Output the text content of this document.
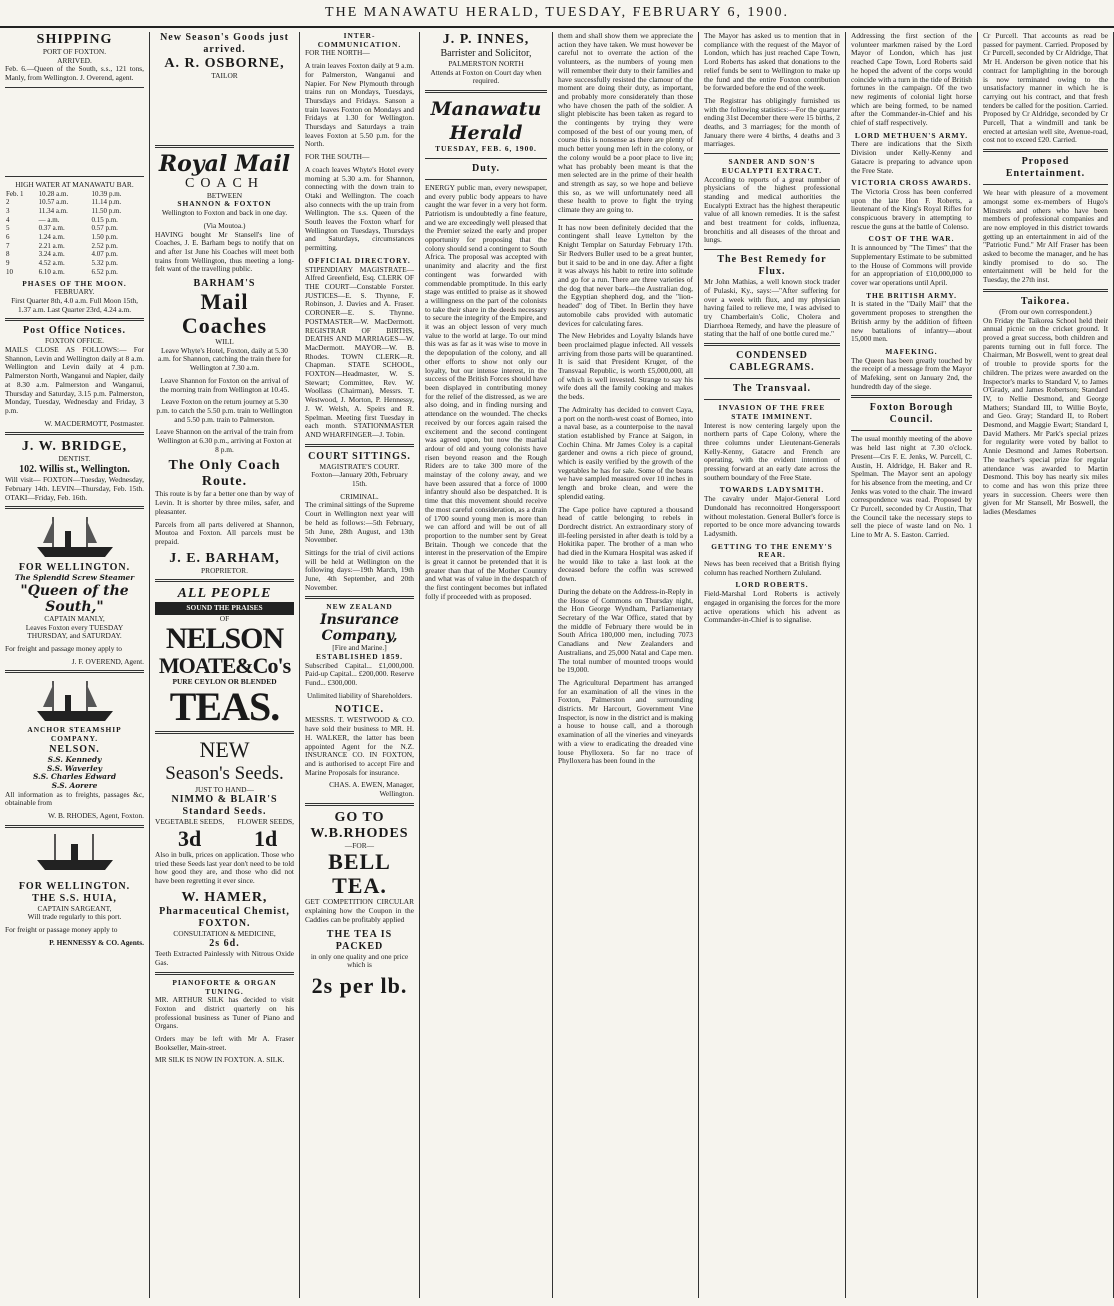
THE MANAWATU HERALD, TUESDAY, FEBRUARY 6, 1900.
SHIPPING
PORT OF FOXTON.
ARRIVED.
Feb. 6.—Queen of the South, s.s., 121 tons, Manly, from Wellington. J. Overend, agent.
HIGH WATER AT MANAWATU BAR.
Feb. 1	10.28 a.m.	10.39 p.m.
2	10.57 a.m.	11.14 p.m.
3	11.34 a.m.	11.50 p.m.
4	— a.m.	0.15 p.m.
5	0.37 a.m.	0.57 p.m.
6	1.24 a.m.	1.50 p.m.
7	2.21 a.m.	2.52 p.m.
8	3.24 a.m.	4.07 p.m.
9	4.52 a.m.	5.32 p.m.
10	6.10 a.m.	6.52 p.m.
PHASES OF THE MOON.
FEBRUARY.
First Quarter 8th, 4.0 a.m. Full Moon 15th, 1.37 a.m. Last Quarter 23rd, 4.24 a.m.
Post Office Notices.
FOXTON OFFICE.
MAILS CLOSE AS FOLLOWS:— For Shannon, Levin and Wellington daily at 8 a.m. Wellington and Levin daily at 4 p.m. Palmerston North, Wanganui and Napier, daily at 8.30 a.m. Palmerston and Wanganui, Thursday and Saturday, 3.15 p.m. Palmerston, Monday, Tuesday, Wednesday and Friday, 3 p.m.
W. MACDERMOTT, Postmaster.
J. W. BRIDGE,
DENTIST.
102. Willis st., Wellington.
Will visit— FOXTON—Tuesday, Wednesday, February 14th. LEVIN—Thursday, Feb. 15th. OTAKI—Friday, Feb. 16th.
FOR WELLINGTON.
The Splendid Screw Steamer
"Queen of the South,"
CAPTAIN MANLY,
Leaves Foxton every TUESDAY THURSDAY, and SATURDAY.
For freight and passage money apply to
J. F. OVEREND, Agent.
ANCHOR STEAMSHIP COMPANY.
NELSON.
S.S. Kennedy
S.S. Waverley
S.S. Charles Edward
S.S. Aorere
All information as to freights, passages &c, obtainable from
W. B. RHODES, Agent, Foxton.
FOR WELLINGTON.
THE S.S. HUIA,
CAPTAIN SARGEANT,
Will trade regularly to this port.
For freight or passage money apply to
P. HENNESSY & CO. Agents.
New Season's Goods just arrived.
A. R. OSBORNE,
TAILOR
Royal Mail
COACH
BETWEEN
SHANNON & FOXTON
Wellington to Foxton and back in one day.
(Via Moutoa.)
HAVING bought Mr Stansell's line of Coaches, J. E. Barham begs to notify that on and after 1st June his Coaches will meet both trains from Wellington, thus meeting a long-felt want of the travelling public.
BARHAM'S
Mail Coaches
WILL
Leave Whyte's Hotel, Foxton, daily at 5.30 a.m. for Shannon, catching the train there for Wellington at 7.30 a.m.
Leave Shannon for Foxton on the arrival of the morning train from Wellington at 10.45.
Leave Foxton on the return journey at 5.30 p.m. to catch the 5.50 p.m. train to Wellington and 5.50 p.m. train to Palmerston.
Leave Shannon on the arrival of the train from Wellington at 6.30 p.m., arriving at Foxton at 8 p.m.
The Only Coach Route.
This route is by far a better one than by way of Levin. It is shorter by three miles, safer, and pleasanter.
Parcels from all parts delivered at Shannon, Moutoa and Foxton. All parcels must be prepaid.
J. E. BARHAM,
PROPRIETOR.
ALL PEOPLE
SOUND THE PRAISES
OF
NELSON
MOATE&Co's
PURE CEYLON OR BLENDED
TEAS.
NEW
Season's Seeds.
JUST TO HAND—
NIMMO & BLAIR'S
Standard Seeds.
VEGETABLE SEEDS,
3d
FLOWER SEEDS,
1d
Also in bulk, prices on application. Those who tried these Seeds last year don't need to be told how good they are, and those who did not have been regretting it ever since.
W. HAMER,
Pharmaceutical Chemist,
FOXTON.
CONSULTATION & MEDICINE,
2s 6d.
Teeth Extracted Painlessly with Nitrous Oxide Gas.
PIANOFORTE & ORGAN TUNING.
MR. ARTHUR SILK has decided to visit Foxton and district quarterly on his professional business as Tuner of Piano and Organs.
Orders may be left with Mr A. Fraser Bookseller, Main-street.
MR SILK IS NOW IN FOXTON. A. SILK.
INTER-COMMUNICATION.
FOR THE NORTH—
A train leaves Foxton daily at 9 a.m. for Palmerston, Wanganui and Napier. For New Plymouth through trains run on Mondays, Tuesdays, Thursdays and Fridays. Sanson a train leaves Foxton on Mondays and Fridays at 1.30 for Wellington. Thursdays and Saturdays a train leaves Foxton at 5.50 p.m. for the North.
FOR THE SOUTH—
A coach leaves Whyte's Hotel every morning at 5.30 a.m. for Shannon, connecting with the down train to Otaki and Wellington. The coach also connects with the up train from Wellington. The s.s. Queen of the South leaves the Foxton wharf for Wellington on Tuesdays, Thursdays and Saturdays, circumstances permitting.
OFFICIAL DIRECTORY.
STIPENDIARY MAGISTRATE—Alfred Greenfield, Esq. CLERK OF THE COURT—Constable Forster. JUSTICES—E. S. Thynne, F. Robinson, J. Davies and A. Fraser. CORONER—E. S. Thynne. POSTMASTER—W. MacDermott. REGISTRAR OF BIRTHS, DEATHS AND MARRIAGES—W. MacDermott. MAYOR—W. B. Rhodes. TOWN CLERK—R. Chapman. STATE SCHOOL, FOXTON—Headmaster, W. S. Stewart; Committee, Rev. W. Woollass (Chairman), Messrs. T. Westwood, J. Morton, P. Hennessy, J. W. Welsh, A. Speirs and R. Spelman. Meeting first Tuesday in each month. STATIONMASTER AND WHARFINGER—J. Tobin.
COURT SITTINGS.
MAGISTRATE'S COURT.
Foxton—January 20th, February 15th.
CRIMINAL.
The criminal sittings of the Supreme Court in Wellington next year will be held as follows:—5th February, 5th June, 28th August, and 13th November.
Sittings for the trial of civil actions will be held at Wellington on the following days:—19th March, 19th June, 4th September, and 20th November.
NEW ZEALAND
Insurance Company,
[Fire and Marine.]
ESTABLISHED 1859.
Subscribed Capital... £1,000,000. Paid-up Capital... £200,000. Reserve Fund... £300,000.
Unlimited liability of Shareholders.
NOTICE.
MESSRS. T. WESTWOOD & CO. have sold their business to MR. H. H. WALKER, the latter has been appointed Agent for the N.Z. INSURANCE CO. IN FOXTON, and is authorised to accept Fire and Marine Proposals for insurance.
CHAS. A. EWEN, Manager, Wellington.
GO TO
W.B.RHODES
—FOR—
BELL TEA.
GET COMPETITION CIRCULAR explaining how the Coupon in the Caddies can be profitably applied
THE TEA IS PACKED
in only one quality and one price which is
2s per lb.
J. P. INNES,
Barrister and Solicitor,
PALMERSTON NORTH
Attends at Foxton on Court day when required.
Manawatu Herald
TUESDAY, FEB. 6, 1900.
Duty.
ENERGY public man, every newspaper, and every public body appears to have caught the war fever in a very hot form. Patriotism is undoubtedly a fine feature, and we are exceedingly well pleased that the Premier seized the early and proper opportunity for proposing that the colony should send a contingent to South Africa. The proposal was accepted with unanimity and alacrity and the first contingent was forwarded with commendable promptitude. In this early stage was entitled to praise as it showed a willingness on the part of the colonists to take their share in the deeds necessary to secure the integrity of the Empire, and it was an object lesson of very much value to the world at large. To our mind this was as far as it was wise to move in the depopulation of the colony, and all other efforts to show not only our loyalty, but our intense interest, in the success of the British Forces should have been displayed in contributing money for the relief of the distressed, as we are also doing, and in finding nursing and attendance on the wounded. The checks received by our forces again raised the excitement and the second contingent was agreed upon, but now the martial ardour of old and young colonists have risen beyond reason and the Rough Riders are to take 300 more of the mainstay of the colony away, and we have been assured that a force of 1000 infantry should also be despatched. It is time that this movement should receive the most careful consideration, as a drain of 1700 sound young men is more than we can afford and will be out of all proportion to the number sent by Great Britain. Though we concede that the interest in the preservation of the Empire is great it cannot be pretended that it is greater than that of the Mother Country and what was of value in the despatch of the first contingent becomes but inflated folly if proceeded with as proposed.
them and shall show them we appreciate the action they have taken. We must however be careful not to overrate the action of the volunteers, as the numbers of young men will remember their duty to their families and have successfully resisted the clamour of the moment are doing their duty, as important, and probably more considerately than those who have chosen the path of the soldier. A slight plebiscite has been taken as regard to the contingents by trying they were composed of the best of our young men, of course this is nonsense as there are plenty of much better young men left in the colony, or the colony would be a poor place to live in; what has probably been meant is that the men selected are in the prime of their health and strength as say, so we hope and believe this so, as we will unfortunately need all these health to prove to fight the trying climate they are going to.
It has now been definitely decided that the contingent shall leave Lyttelton by the Knight Templar on Saturday February 17th. Sir Redvers Buller used to be a great hunter, but it said to be and in one day. After a fight it was always his habit to retire into solitude and go for a run. There are three varieties of the dog that never bark—the Australian dog, the Egyptian shepherd dog, and the "lion-headed" dog of Tibet. In Berlin they have automobile cabs provided with automatic devices for calculating fares.
The New Hebrides and Loyalty Islands have been proclaimed plague infected. All vessels arriving from those parts will be quarantined. It is said that President Kruger, of the Transvaal Republic, is worth £5,000,000, all of which is well invested. Strange to say his wife does all the family cooking and makes the beds.
The Admiralty has decided to convert Caya, a port on the north-west coast of Borneo, into a naval base, as a counterpoise to the naval station established by France at Saigon, in Cochin China. Mr James Coley is a capital gardener and owns a rich piece of ground, which is easily verified by the growth of the vegetables he has for sale. Some of the beans we have sampled measured over 10 inches in length and broke clean, and were the splendid eating.
The Cape police have captured a thousand head of cattle belonging to rebels in Dordrecht district. An extraordinary story of ill-feeling persisted in after death is told by a Hokitika paper. The brother of a man who had died in the Kumara Hospital was asked if he would like to take a last look at the deceased before the coffin was screwed down.
During the debate on the Address-in-Reply in the House of Commons on Thursday night, the Hon George Wyndham, Parliamentary Secretary of the War Office, stated that by the middle of February there would be in South Africa 180,000 men, including 7073 Canadians and New Zealanders and Australians, and 25,000 Natal and Cape men. The total number of mounted troops would be 19,000.
The Agricultural Department has arranged for an examination of all the vines in the Foxton, Palmerston and surrounding districts. Mr Harcourt, Government Vine Inspector, is now in the district and is making a house to house call, and a thorough examination of all the vineries and vineyards with a view to eradicating the dreaded vine louse Phylloxera. So far no trace of Phylloxera has been found in the
The Mayor has asked us to mention that in compliance with the request of the Mayor of London, which has just reached Cape Town, Lord Roberts has asked that donations to the relief funds be sent to Wellington to make up the fund and the entire Foxton contribution be forwarded before the end of the week.
The Registrar has obligingly furnished us with the following statistics:—For the quarter ending 31st December there were 15 births, 2 deaths, and 3 marriages; for the month of January there were 4 births, 4 deaths and 3 marriages.
SANDER AND SON'S EUCALYPTI EXTRACT.
According to reports of a great number of physicians of the highest professional standing and medical authorities the Eucalypti Extract has the highest therapeutic value of all known remedies. It is the safest and best treatment for colds, influenza, bronchitis and all diseases of the throat and lungs.
The Best Remedy for Flux.
Mr John Mathias, a well known stock trader of Pulaski, Ky., says:—"After suffering for over a week with flux, and my physician having failed to relieve me, I was advised to try Chamberlain's Colic, Cholera and Diarrhoea Remedy, and have the pleasure of stating that the half of one bottle cured me."
CONDENSED CABLEGRAMS.
The Transvaal.
INVASION OF THE FREE STATE IMMINENT.
Interest is now centering largely upon the northern parts of Cape Colony, where the three columns under Lieutenant-Generals Kelly-Kenny, Gatacre and French are operating, with the evident intention of pressing forward at an early date across the southern boundary of the Free State.
TOWARDS LADYSMITH.
The cavalry under Major-General Lord Dundonald has reconnoitred Hongersspoort without molestation. General Buller's force is reported to be once more advancing towards Ladysmith.
GETTING TO THE ENEMY'S REAR.
News has been received that a British flying column has reached Northern Zululand.
LORD ROBERTS.
Field-Marshal Lord Roberts is actively engaged in organising the forces for the more active operations which his advent as Commander-in-Chief is to signalise.
Addressing the first section of the volunteer markmen raised by the Lord Mayor of London, which has just reached Cape Town, Lord Roberts said he hoped the advent of the corps would coincide with a turn in the tide of British fortunes in the campaign. Of the two new regiments of colonial light horse which are being formed, to be named after the Commander-in-Chief and his chief of staff respectively.
LORD METHUEN'S ARMY.
There are indications that the Sixth Division under Kelly-Kenny and Gatacre is preparing to advance upon the Free State.
VICTORIA CROSS AWARDS.
The Victoria Cross has been conferred upon the late Hon F. Roberts, a lieutenant of the King's Royal Rifles for conspicuous bravery in attempting to rescue the guns at the battle of Colenso.
COST OF THE WAR.
It is announced by "The Times" that the Supplementary Estimate to be submitted to the House of Commons will provide for an appropriation of £10,000,000 to cover war operations until April.
THE BRITISH ARMY.
It is stated in the "Daily Mail" that the government proposes to strengthen the British army by the addition of fifteen new battalions of infantry—about 15,000 men.
MAFEKING.
The Queen has been greatly touched by the receipt of a message from the Mayor of Mafeking, sent on January 2nd, the hundredth day of the siege.
Foxton Borough Council.
The usual monthly meeting of the above was held last night at 7.30 o'clock. Present—Crs F. E. Jenks, W. Purcell, C. Austin, H. Aldridge, H. Baker and R. Spelman. The Mayor sent an apology for his absence from the meeting, and Cr Jenks was voted to the chair. The inward correspondence was read. Proposed by Cr Purcell, seconded by Cr Austin, That the Council take the necessary steps to sell the piece of waste land on No. 1 Line to Mr A. S. Easton. Carried.
Cr Purcell. That accounts as read be passed for payment. Carried. Proposed by Cr Purcell, seconded by Cr Aldridge, That Mr H. Anderson be given notice that his contract for lamplighting in the borough is now terminated owing to the unsatisfactory manner in which he is carrying out his contract, and that fresh tenders be called for the position. Carried. Proposed by Cr Aldridge, seconded by Cr Purcell, That a windmill and tank be erected at artesian well site, Avenue-road, cost not to exceed £20. Carried.
Proposed Entertainment.
We hear with pleasure of a movement amongst some ex-members of Hugo's Minstrels and others who have been members of professional companies and are now employed in this district towards getting up an entertainment in aid of the "Patriotic Fund." Mr Alf Fraser has been asked to become the manager, and he has kindly promised to do so. The entertainment will be held for the Tuesday, the 27th inst.
Taikorea.
(From our own correspondent.)
On Friday the Taikorea School held their annual picnic on the cricket ground. It proved a great success, both children and parents turning out in full force. The Chairman, Mr Boswell, went to great deal of trouble to provide sports for the children. The prizes were awarded on the Inspector's marks to Standard V, to James O'Grady, and James Robertson; Standard IV, to Nellie Desmond, and George Mathers; Standard III, to Willie Boyle, and Geo. Gray; Standard II, to Robert Desmond, and Maggie Ewart; Standard I, David Mathers. Mr Park's special prizes for regularity were voted by ballot to Annie Desmond and James Robertson. The teacher's special prize for regular attendance was awarded to Martin Desmond. This boy has nearly six miles to come and has won this prize three years in succession. Cheers were then given for Mr Stansell, Mr Boswell, the ladies (Mesdames
